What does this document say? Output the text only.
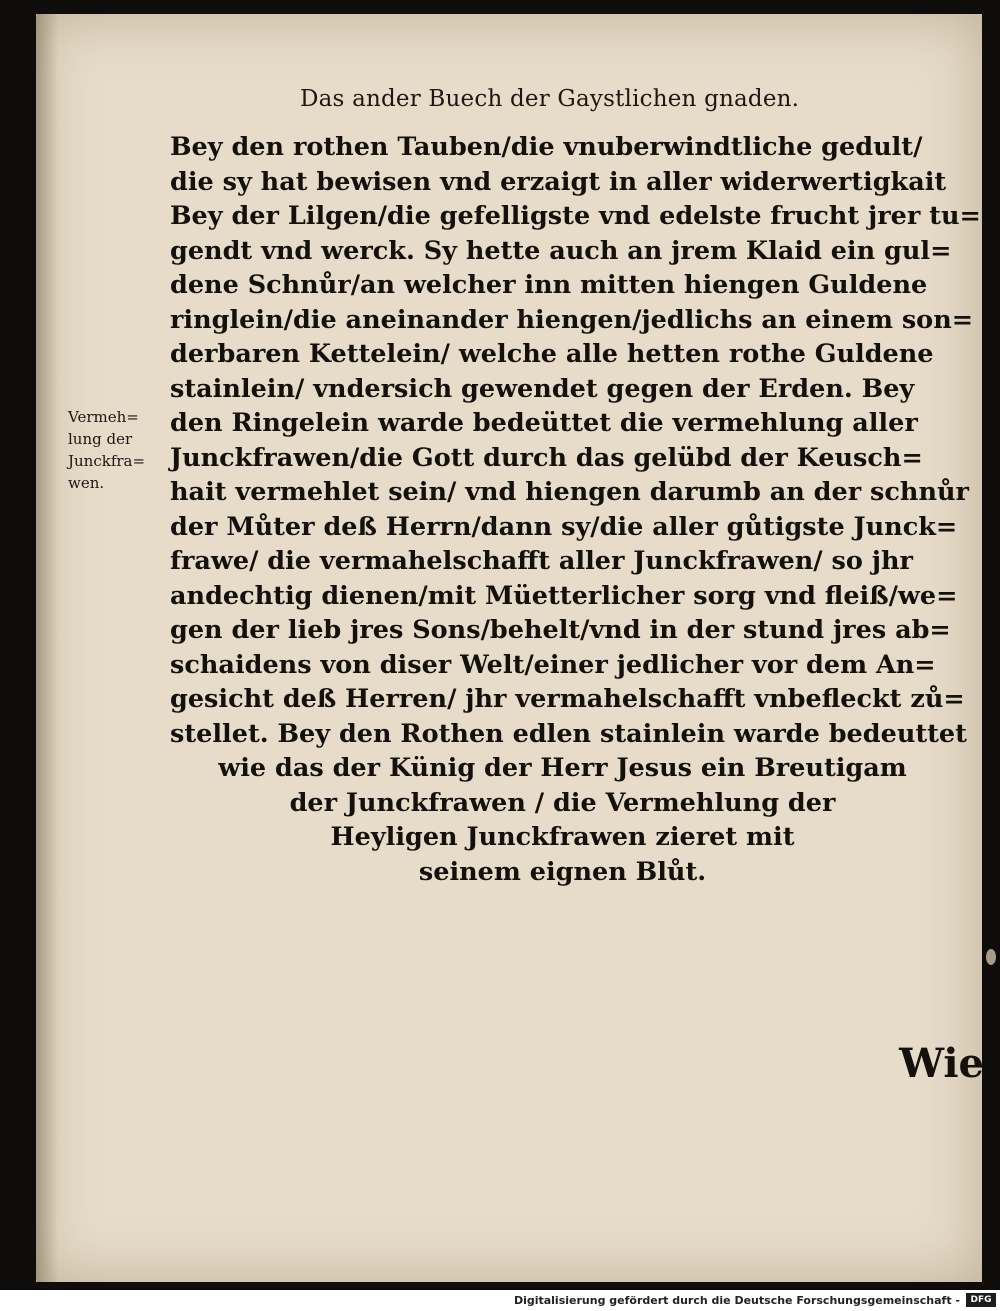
Das ander Buech der Gaystlichen gnaden.
Vermeh=
lung der
Junckfra=
wen.
Bey den rothen Tauben/die vnuberwindtliche gedult/
die sy hat bewisen vnd erzaigt in aller widerwertigkait
Bey der Lilgen/die gefelligste vnd edelste frucht jrer tu=
gendt vnd werck. Sy hette auch an jrem Klaid ein gul=
dene Schnůr/an welcher inn mitten hiengen Guldene
ringlein/die aneinander hiengen/jedlichs an einem son=
derbaren Kettelein/ welche alle hetten rothe Guldene
stainlein/ vndersich gewendet gegen der Erden. Bey
den Ringelein warde bedeüttet die vermehlung aller
Junckfrawen/die Gott durch das gelübd der Keusch=
hait vermehlet sein/ vnd hiengen darumb an der schnůr
der Můter deß Herrn/dann sy/die aller gůtigste Junck=
frawe/ die vermahelschafft aller Junckfrawen/ so jhr
andechtig dienen/mit Müetterlicher sorg vnd fleiß/we=
gen der lieb jres Sons/behelt/vnd in der stund jres ab=
schaidens von diser Welt/einer jedlicher vor dem An=
gesicht deß Herren/ jhr vermahelschafft vnbefleckt zů=
stellet. Bey den Rothen edlen stainlein warde bedeuttet
wie das der Künig der Herr Jesus ein Breutigam
der Junckfrawen / die Vermehlung der
Heyligen Junckfrawen zieret mit
seinem eignen Blůt.
Wie
Digitalisierung gefördert durch die Deutsche Forschungsgemeinschaft -	DFG
